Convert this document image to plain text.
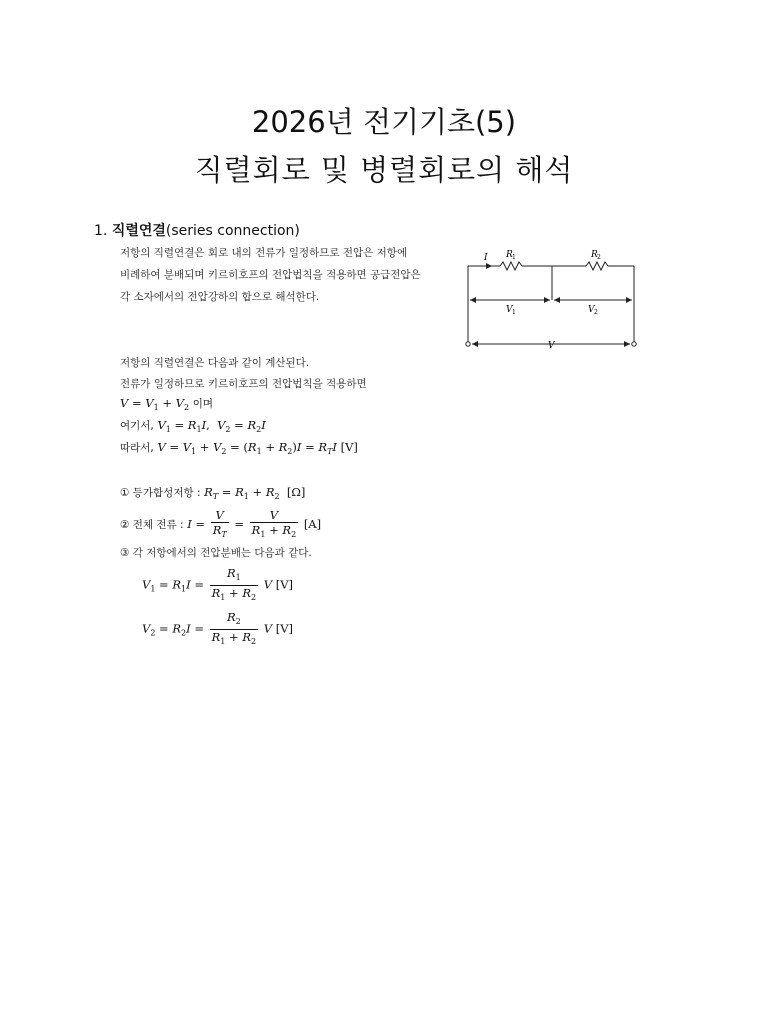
2026년 전기기초(5)
직렬회로 및 병렬회로의 해석
1. 직렬연결(series connection)
저항의 직렬연결은 회로 내의 전류가 일정하므로 전압은 저항에
비례하여 분배되며 키르히호프의 전압법칙을 적용하면 공급전압은
각 소자에서의 전압강하의 합으로 해석한다.
I R 1	R 2
V 1	V 2
V
저항의 직렬연결은 다음과 같이 계산된다.
전류가 일정하므로 키르히호프의 전압법칙을 적용하면
$V = V_1 + V_2$ 이며
여기서, $V_1 = R_1I$,  $V_2 = R_2I$
따라서, $V = V_1 + V_2 = (R_1 + R_2)I = R_TI$ [V]
① 등가합성저항 : $R_T = R_1 + R_2$ [Ω]
② 전체 전류 : $I = \frac{V}{R_T} = \frac{V}{R_1 + R_2} [A]$
③ 각 저항에서의 전압분배는 다음과 같다.
$V_1 = R_1I = \frac{R_1}{R_1 + R_2}$ V [V]
$V_2 = R_2I = \frac{R_2}{R_1 + R_2}$ V [V]
